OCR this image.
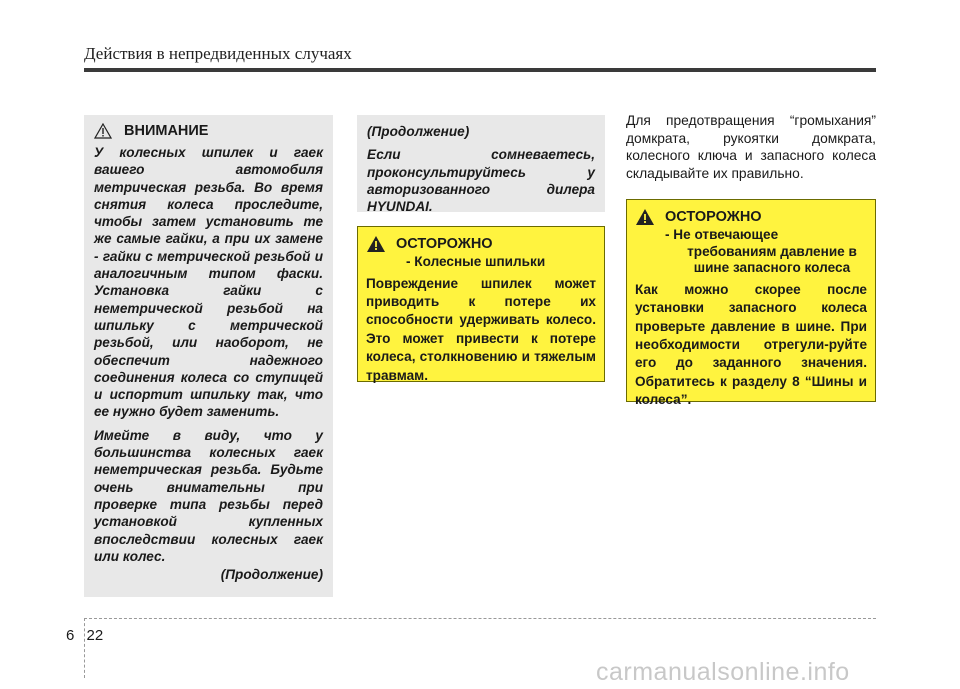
Действия в непредвиденных случаях
ВНИМАНИЕ

У колесных шпилек и гаек вашего автомобиля метрическая резьба. Во время снятия колеса проследите, чтобы затем установить те же самые гайки, а при их замене - гайки с метрической резьбой и аналогичным типом фаски. Установка гайки с неметрической резьбой на шпильку с метрической резьбой, или наоборот, не обеспечит надежного соединения колеса со ступицей и испортит шпильку так, что ее нужно будет заменить.

Имейте в виду, что у большинства колесных гаек неметрическая резьба. Будьте очень внимательны при проверке типа резьбы перед установкой купленных впоследствии колесных гаек или колес.

(Продолжение)
(Продолжение)

Если сомневаетесь, проконсультируйтесь у авторизованного дилера HYUNDAI.

ОСТОРОЖНО
- Колесные шпильки
Повреждение шпилек может приводить к потере их способности удерживать колесо. Это может привести к потере колеса, столкновению и тяжелым травмам.
Для предотвращения “громыхания” домкрата, рукоятки домкрата, колесного ключа и запасного колеса складывайте их правильно.
ОСТОРОЖНО
- Не отвечающее
требованиям давление в шине запасного колеса
Как можно скорее после установки запасного колеса проверьте давление в шине. При необходимости отрегули-руйте его до заданного значения. Обратитесь к разделу 8 “Шины и колеса”.
6 22
carmanualsonline.info
